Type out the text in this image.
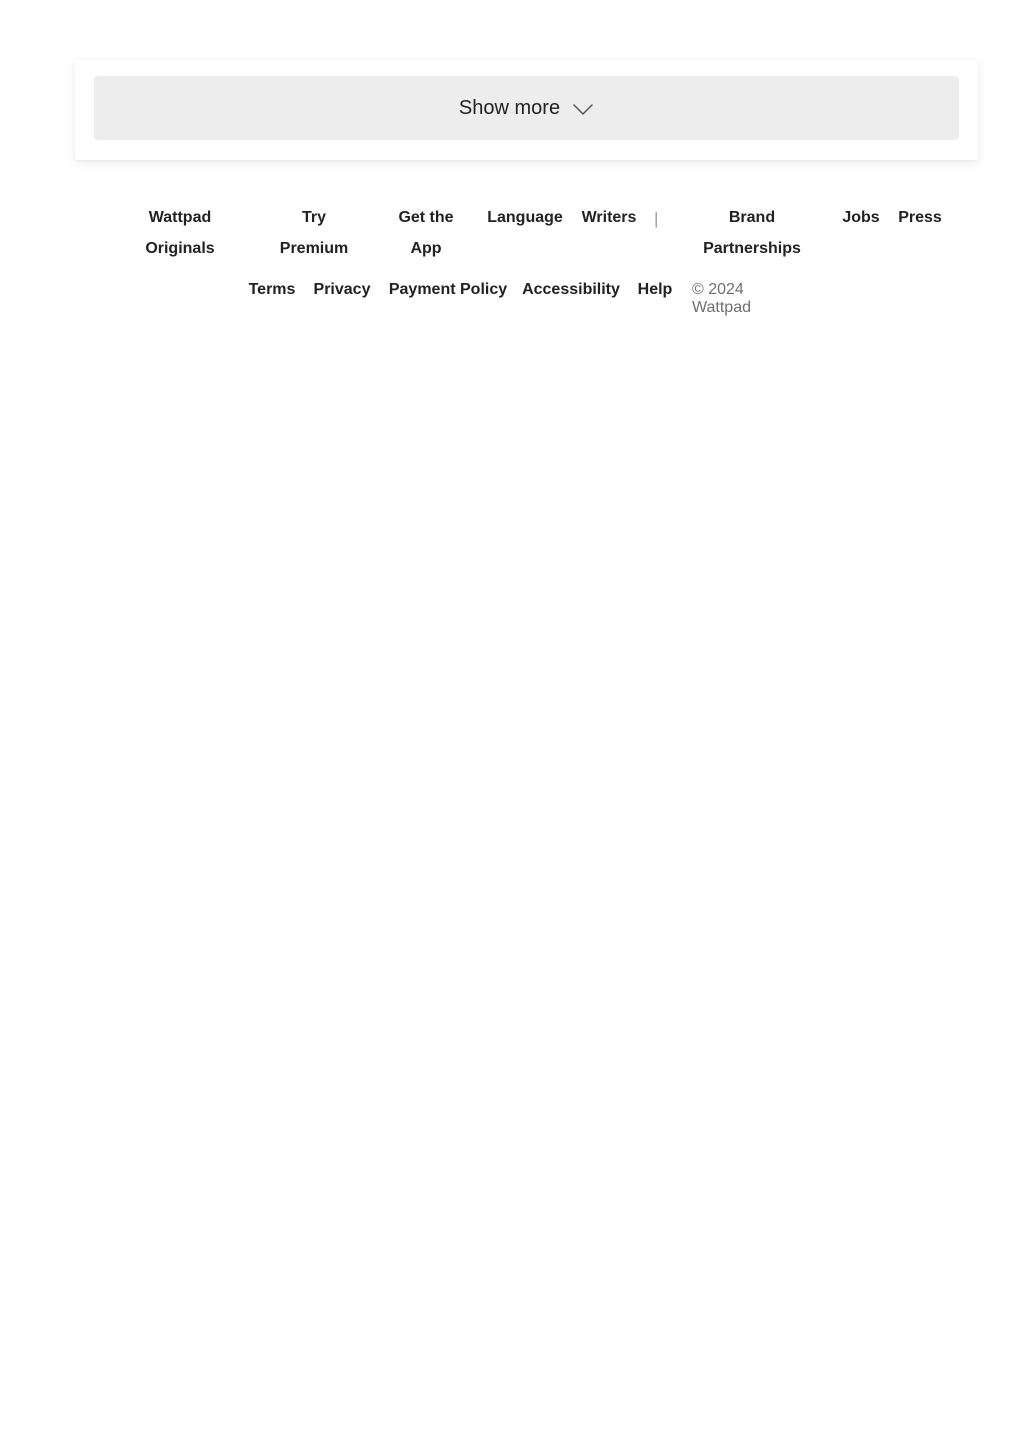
Show more
Wattpad
Originals
Try
Premium
Get the
App
Language	Writers	|	Brand
Partnerships
Jobs	Press
Terms Privacy Payment Policy Accessibility Help © 2024 Wattpad
